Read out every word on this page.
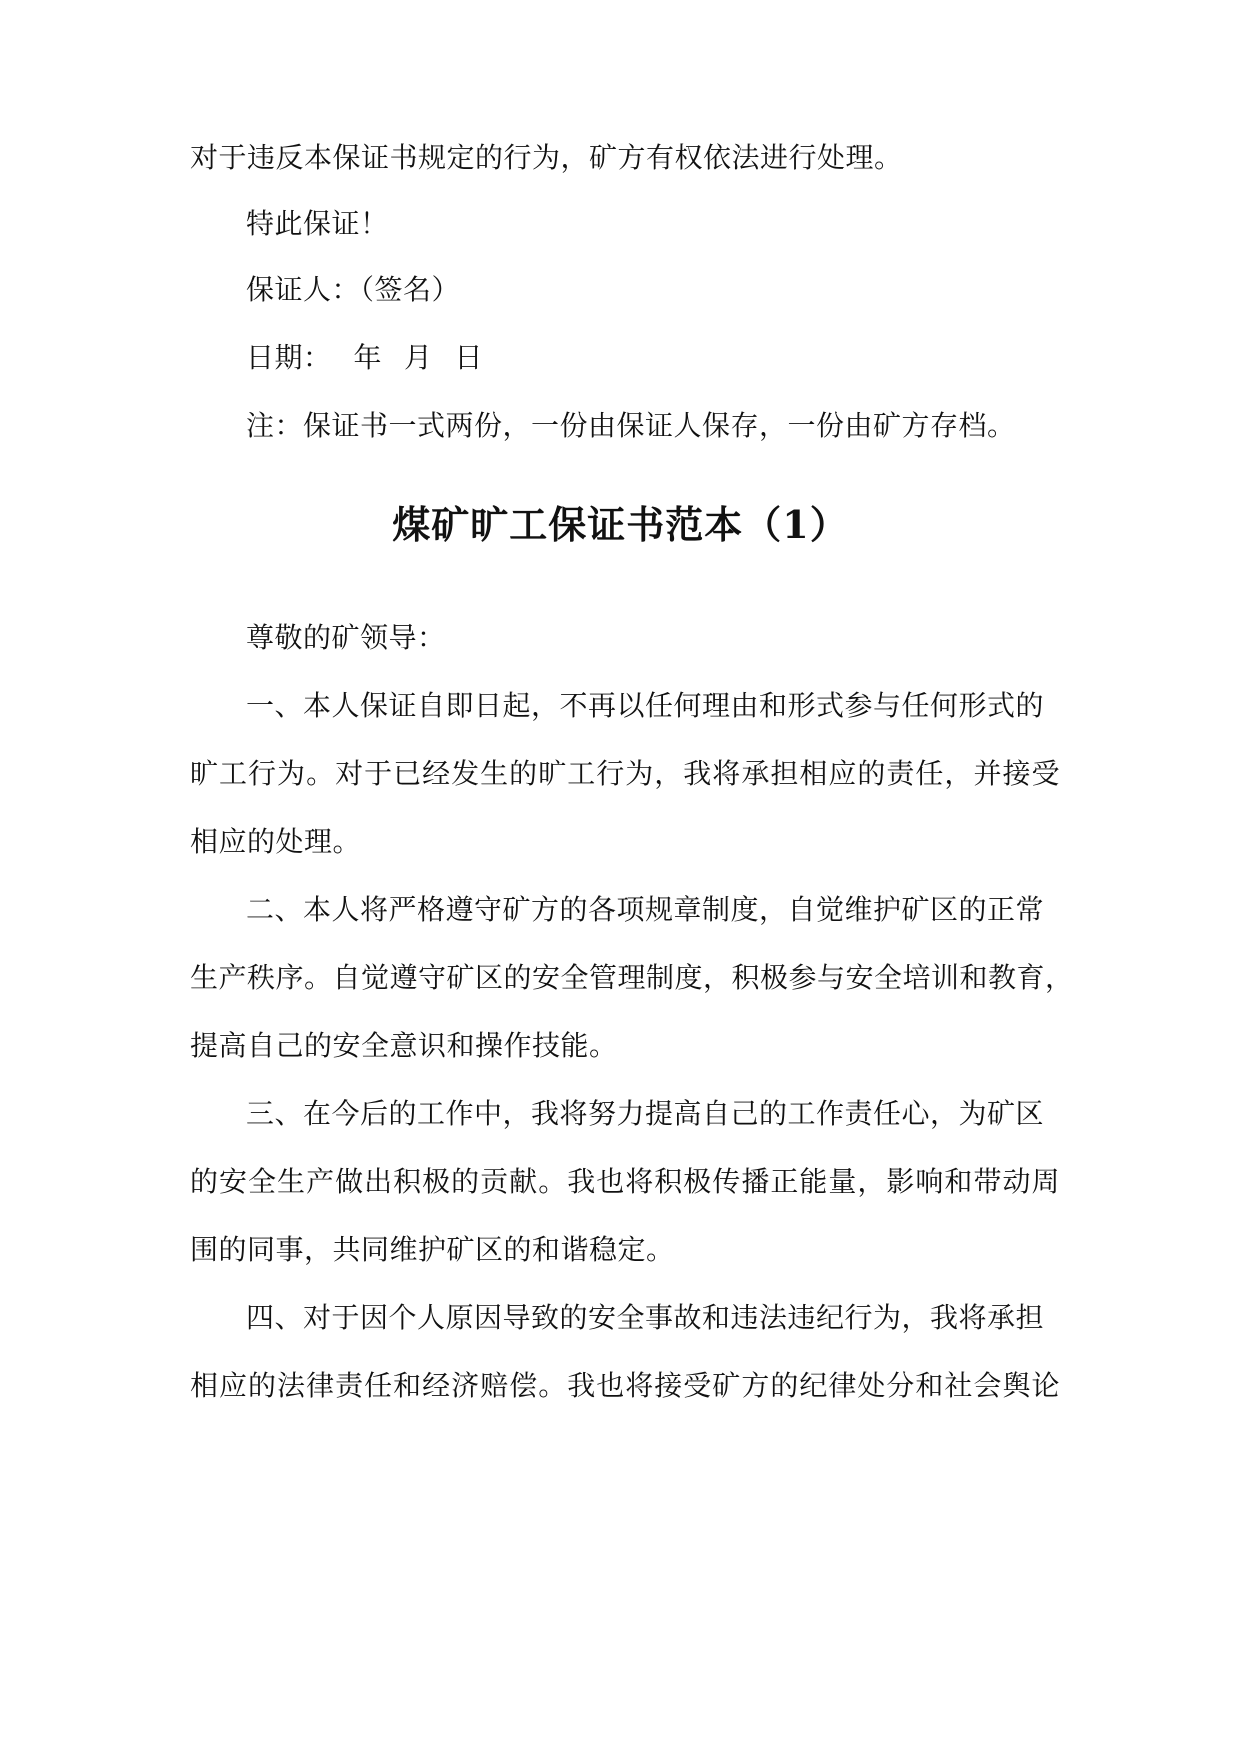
对于违反本保证书规定的行为，矿方有权依法进行处理。
特此保证！
保证人：（签名）
日期： 年 月 日
注：保证书一式两份，一份由保证人保存，一份由矿方存档。
煤矿旷工保证书范本（1）
尊敬的矿领导：
一、本人保证自即日起，不再以任何理由和形式参与任何形式的
旷工行为。对于已经发生的旷工行为，我将承担相应的责任，并接受
相应的处理。
二、本人将严格遵守矿方的各项规章制度，自觉维护矿区的正常
生产秩序。自觉遵守矿区的安全管理制度，积极参与安全培训和教育，
提高自己的安全意识和操作技能。
三、在今后的工作中，我将努力提高自己的工作责任心，为矿区
的安全生产做出积极的贡献。我也将积极传播正能量，影响和带动周
围的同事，共同维护矿区的和谐稳定。
四、对于因个人原因导致的安全事故和违法违纪行为，我将承担
相应的法律责任和经济赔偿。我也将接受矿方的纪律处分和社会舆论
